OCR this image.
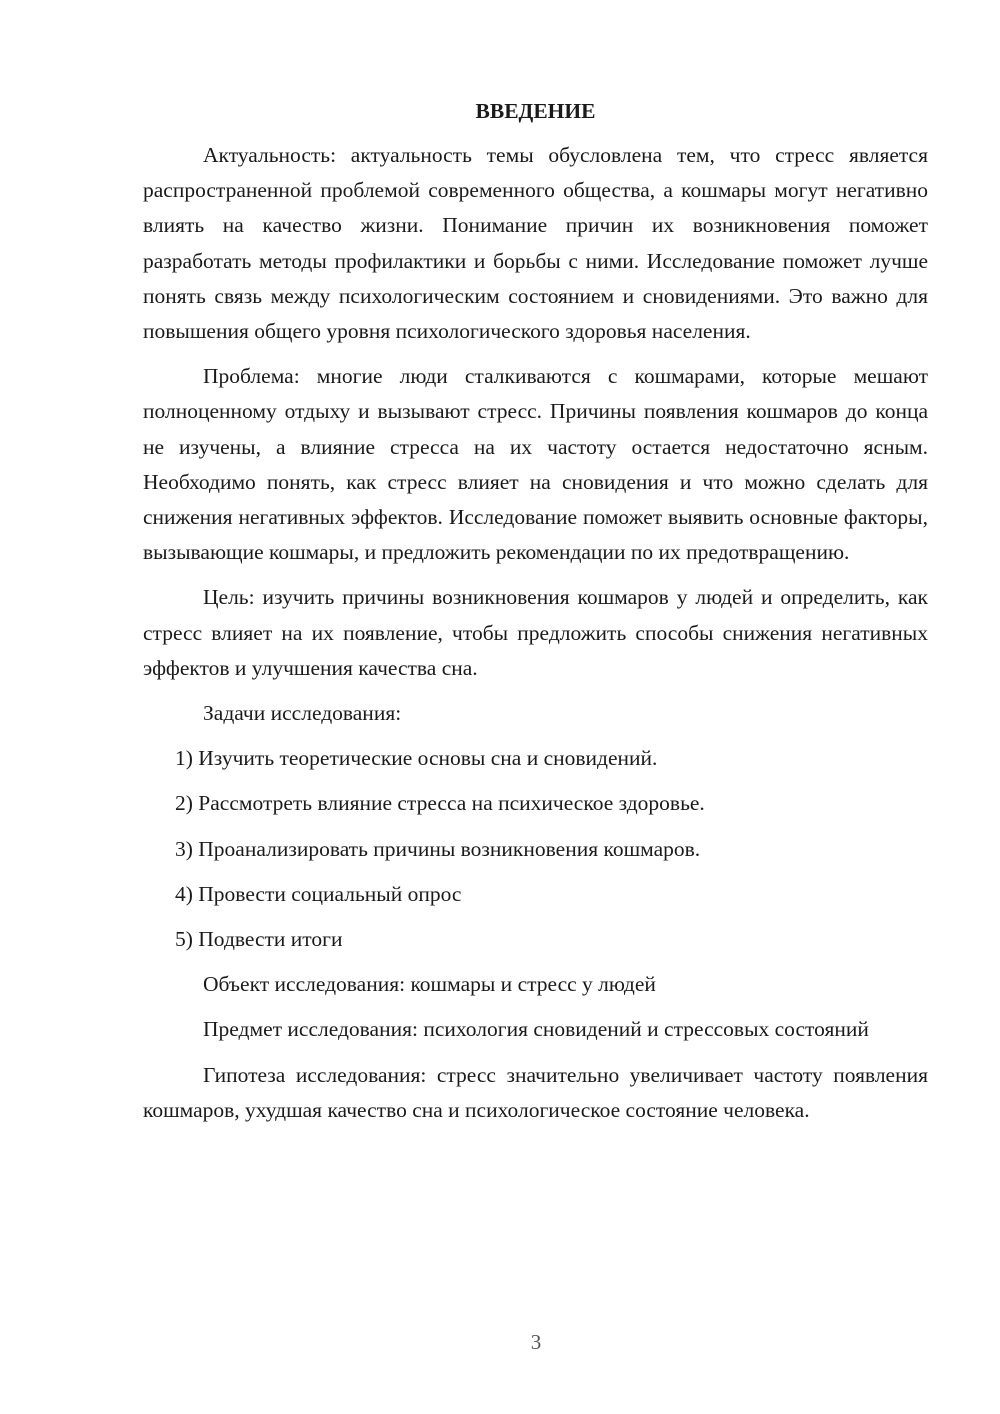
ВВЕДЕНИЕ

Актуальность: актуальность темы обусловлена тем, что стресс является распространенной проблемой современного общества, а кошмары могут негативно влиять на качество жизни. Понимание причин их возникновения поможет разработать методы профилактики и борьбы с ними. Исследование поможет лучше понять связь между психологическим состоянием и сновидениями. Это важно для повышения общего уровня психологического здоровья населения.

Проблема: многие люди сталкиваются с кошмарами, которые мешают полноценному отдыху и вызывают стресс. Причины появления кошмаров до конца не изучены, а влияние стресса на их частоту остается недостаточно ясным. Необходимо понять, как стресс влияет на сновидения и что можно сделать для снижения негативных эффектов. Исследование поможет выявить основные факторы, вызывающие кошмары, и предложить рекомендации по их предотвращению.

Цель: изучить причины возникновения кошмаров у людей и определить, как стресс влияет на их появление, чтобы предложить способы снижения негативных эффектов и улучшения качества сна.

Задачи исследования:

1) Изучить теоретические основы сна и сновидений.
2) Рассмотреть влияние стресса на психическое здоровье.
3) Проанализировать причины возникновения кошмаров.
4) Провести социальный опрос
5) Подвести итоги

Объект исследования: кошмары и стресс у людей

Предмет исследования: психология сновидений и стрессовых состояний

Гипотеза исследования: стресс значительно увеличивает частоту появления кошмаров, ухудшая качество сна и психологическое состояние человека.

3
